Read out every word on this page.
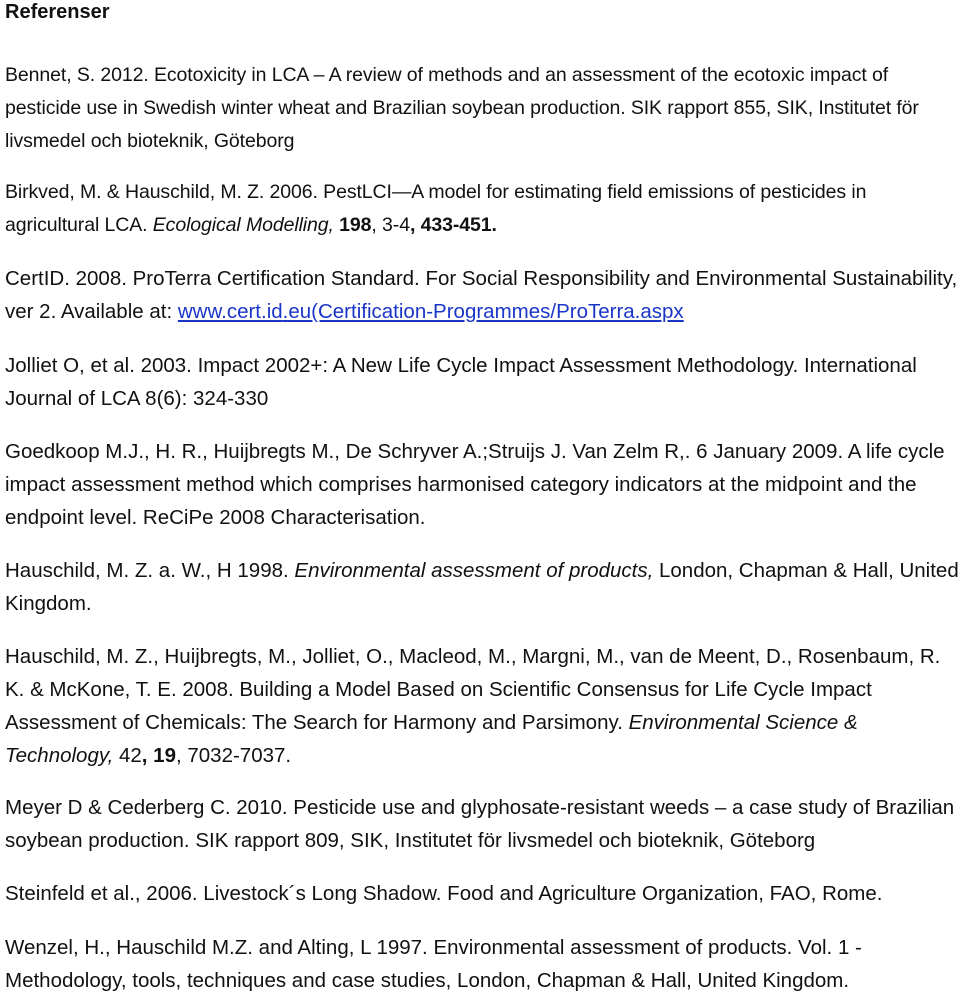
Referenser

Bennet, S. 2012. Ecotoxicity in LCA – A review of methods and an assessment of the ecotoxic impact of pesticide use in Swedish winter wheat and Brazilian soybean production. SIK rapport 855, SIK, Institutet för livsmedel och bioteknik, Göteborg

Birkved, M. & Hauschild, M. Z. 2006. PestLCI—A model for estimating field emissions of pesticides in agricultural LCA. Ecological Modelling, 198, 3-4, 433-451.

CertID. 2008. ProTerra Certification Standard. For Social Responsibility and Environmental Sustainability, ver 2. Available at: www.cert.id.eu(Certification-Programmes/ProTerra.aspx

Jolliet O, et al. 2003. Impact 2002+: A New Life Cycle Impact Assessment Methodology. International Journal of LCA 8(6): 324-330

Goedkoop M.J., H. R., Huijbregts M., De Schryver A.;Struijs J. Van Zelm R,. 6 January 2009. A life cycle impact assessment method which comprises harmonised category indicators at the midpoint and the endpoint level. ReCiPe 2008 Characterisation.

Hauschild, M. Z. a. W., H 1998. Environmental assessment of products, London, Chapman & Hall, United Kingdom.

Hauschild, M. Z., Huijbregts, M., Jolliet, O., Macleod, M., Margni, M., van de Meent, D., Rosenbaum, R. K. & McKone, T. E. 2008. Building a Model Based on Scientific Consensus for Life Cycle Impact Assessment of Chemicals: The Search for Harmony and Parsimony. Environmental Science & Technology, 42, 19, 7032-7037.

Meyer D & Cederberg C. 2010. Pesticide use and glyphosate-resistant weeds – a case study of Brazilian soybean production. SIK rapport 809, SIK, Institutet för livsmedel och bioteknik, Göteborg

Steinfeld et al., 2006. Livestock´s Long Shadow. Food and Agriculture Organization, FAO, Rome.

Wenzel, H., Hauschild M.Z. and Alting, L 1997. Environmental assessment of products. Vol. 1 - Methodology, tools, techniques and case studies, London, Chapman & Hall, United Kingdom.
